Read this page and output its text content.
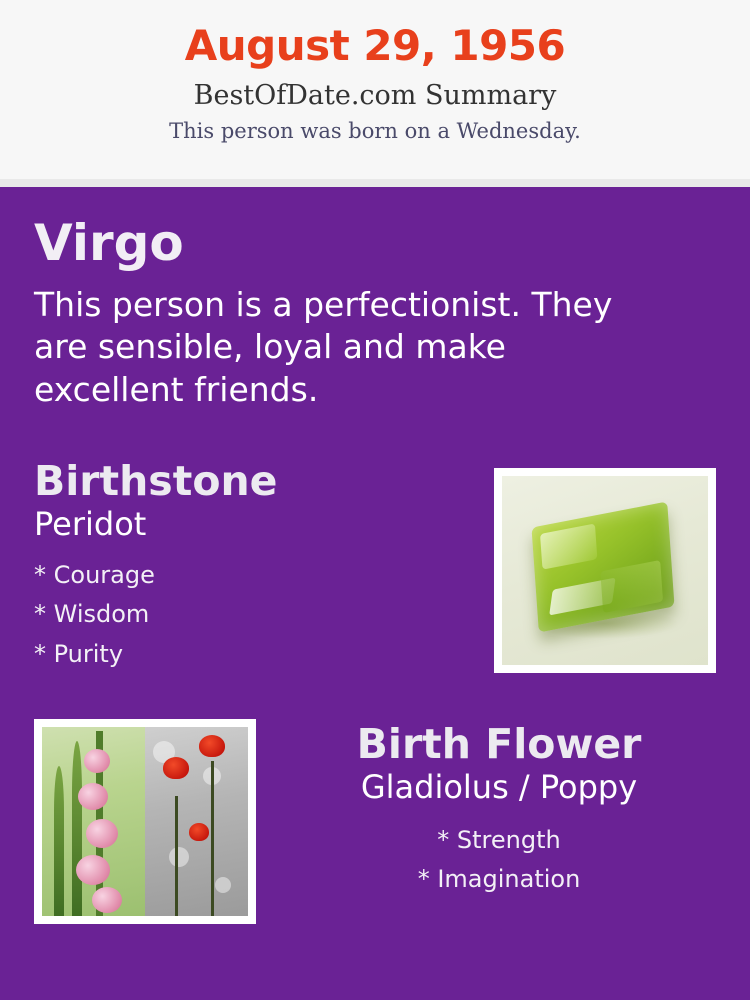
August 29, 1956
BestOfDate.com Summary
This person was born on a Wednesday.
Virgo
This person is a perfectionist. They are sensible, loyal and make excellent friends.
Birthstone
Peridot
* Courage
* Wisdom
* Purity
Birth Flower
Gladiolus / Poppy
* Strength
* Imagination
